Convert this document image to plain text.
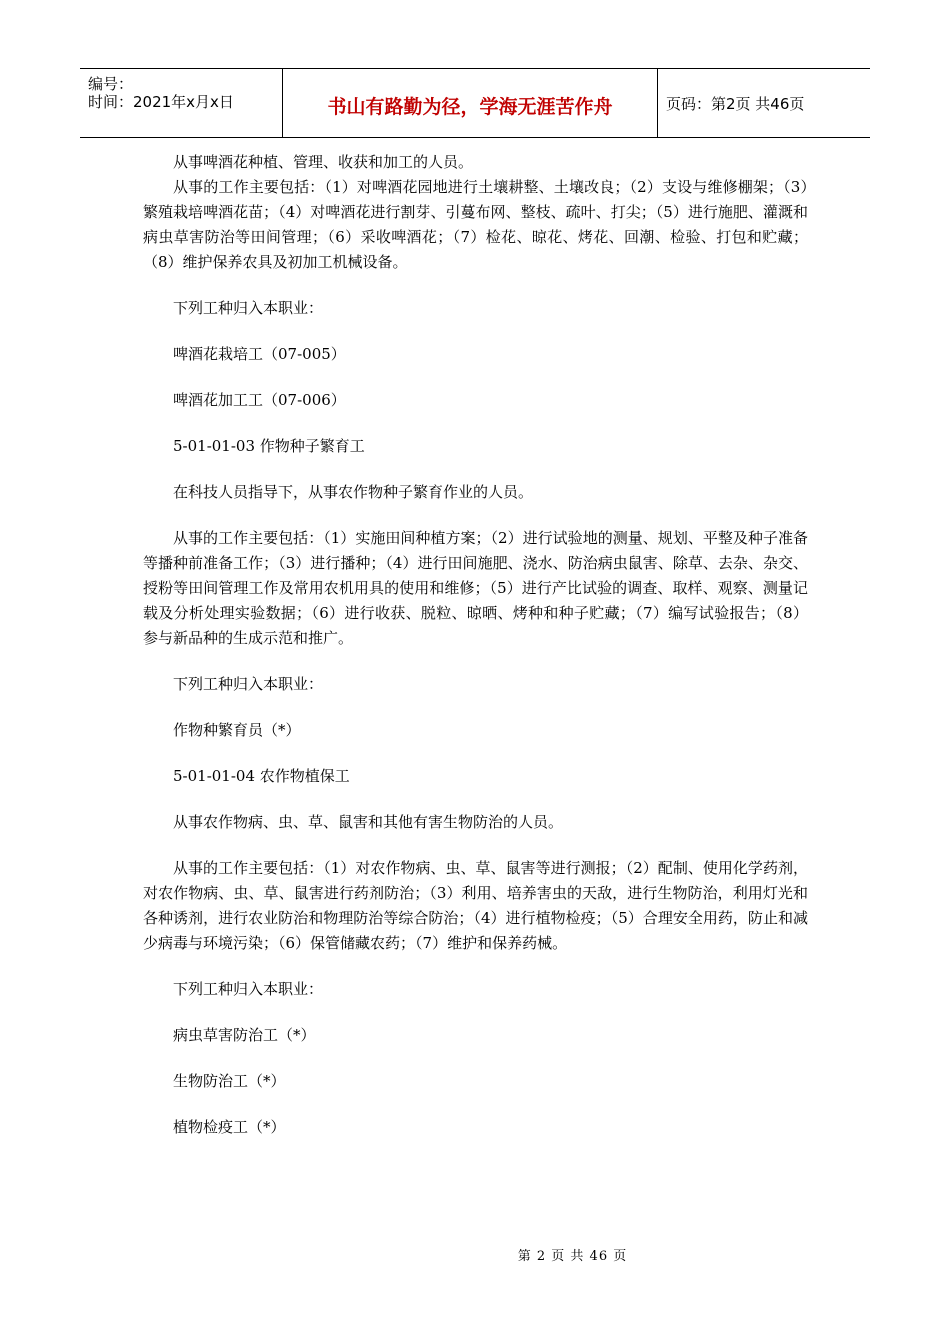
编号：
时间：2021年x月x日	书山有路勤为径，学海无涯苦作舟	页码：第2页 共46页

从事啤酒花种植、管理、收获和加工的人员。

从事的工作主要包括：（1）对啤酒花园地进行土壤耕整、土壤改良；（2）支设与维修棚架；（3）繁殖栽培啤酒花苗；（4）对啤酒花进行割芽、引蔓布网、整枝、疏叶、打尖；（5）进行施肥、灌溉和病虫草害防治等田间管理；（6）采收啤酒花；（7）检花、晾花、烤花、回潮、检验、打包和贮藏；（8）维护保养农具及初加工机械设备。

下列工种归入本职业：

啤酒花栽培工（07-005）

啤酒花加工工（07-006）

5-01-01-03 作物种子繁育工

在科技人员指导下，从事农作物种子繁育作业的人员。

从事的工作主要包括：（1）实施田间种植方案；（2）进行试验地的测量、规划、平整及种子准备等播种前准备工作；（3）进行播种；（4）进行田间施肥、浇水、防治病虫鼠害、除草、去杂、杂交、授粉等田间管理工作及常用农机用具的使用和维修；（5）进行产比试验的调查、取样、观察、测量记载及分析处理实验数据；（6）进行收获、脱粒、晾晒、烤种和种子贮藏；（7）编写试验报告；（8）参与新品种的生成示范和推广。

下列工种归入本职业：

作物种繁育员（*）

5-01-01-04 农作物植保工

从事农作物病、虫、草、鼠害和其他有害生物防治的人员。

从事的工作主要包括：（1）对农作物病、虫、草、鼠害等进行测报；（2）配制、使用化学药剂，对农作物病、虫、草、鼠害进行药剂防治；（3）利用、培养害虫的天敌，进行生物防治，利用灯光和各种诱剂，进行农业防治和物理防治等综合防治；（4）进行植物检疫；（5）合理安全用药，防止和减少病毒与环境污染；（6）保管储藏农药；（7）维护和保养药械。

下列工种归入本职业：

病虫草害防治工（*）

生物防治工（*）

植物检疫工（*）

第 2 页 共 46 页
